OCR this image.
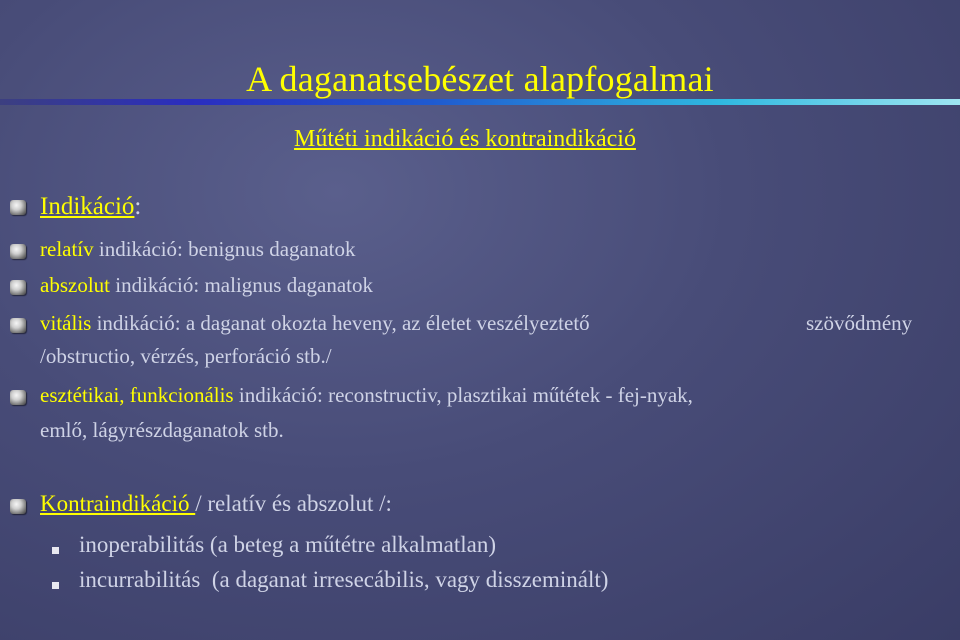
A daganatsebészet alapfogalmai
Műtéti indikáció és kontraindikáció
Indikáció:
relatív indikáció: benignus daganatok
abszolut indikáció: malignus daganatok
vitális indikáció: a daganat okozta heveny, az életet veszélyeztető	szövődmény
/obstructio, vérzés, perforáció stb./
esztétikai, funkcionális indikáció: reconstructiv, plasztikai műtétek - fej-nyak,
emlő, lágyrészdaganatok stb.
Kontraindikáció / relatív és abszolut /:
inoperabilitás (a beteg a műtétre alkalmatlan)
incurrabilitás  (a daganat irresecábilis, vagy disszeminált)
